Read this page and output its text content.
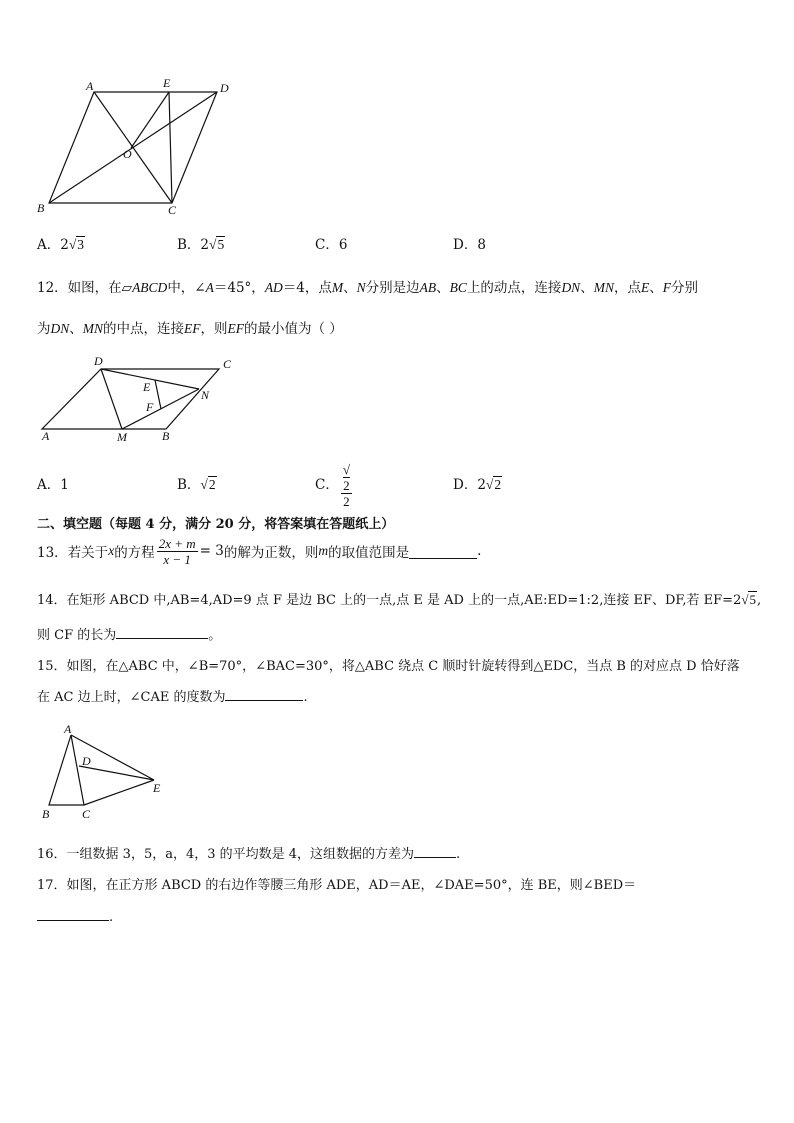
A	E	D
O
B	C
A．2√3	B．2√5	C．6	D．8
12．如图，在▱ABCD中，∠A＝45°，AD＝4，点M、N分别是边AB、BC上的动点，连接DN、MN，点E、F分别
为DN、MN的中点，连接EF，则EF的最小值为（ ）
D	C
E
N
F
A	M	B
A．1	B．√2	C． √
2
2	D．2√2
二、填空题（每题 4 分，满分 20 分，将答案填在答题纸上）
13．若关于 x 的方程 $\frac{2x + m}{x - 1} = 3$ 的解为正数，则 m 的取值范围是	.
14．在矩形 ABCD 中,AB=4,AD=9 点 F 是边 BC 上的一点,点 E 是 AD 上的一点,AE:ED=1:2,连接 EF、DF,若 EF=2√5,
则 CF 的长为	。
15．如图，在△ABC 中，∠B=70°，∠BAC=30°，将△ABC 绕点 C 顺时针旋转得到△EDC，当点 B 的对应点 D 恰好落
在 AC 边上时，∠CAE 的度数为	.
A
D
E
B	C
16．一组数据 3，5，a，4，3 的平均数是 4，这组数据的方差为	.
17．如图，在正方形 ABCD 的右边作等腰三角形 ADE，AD＝AE，∠DAE=50°，连 BE，则∠BED＝
.
